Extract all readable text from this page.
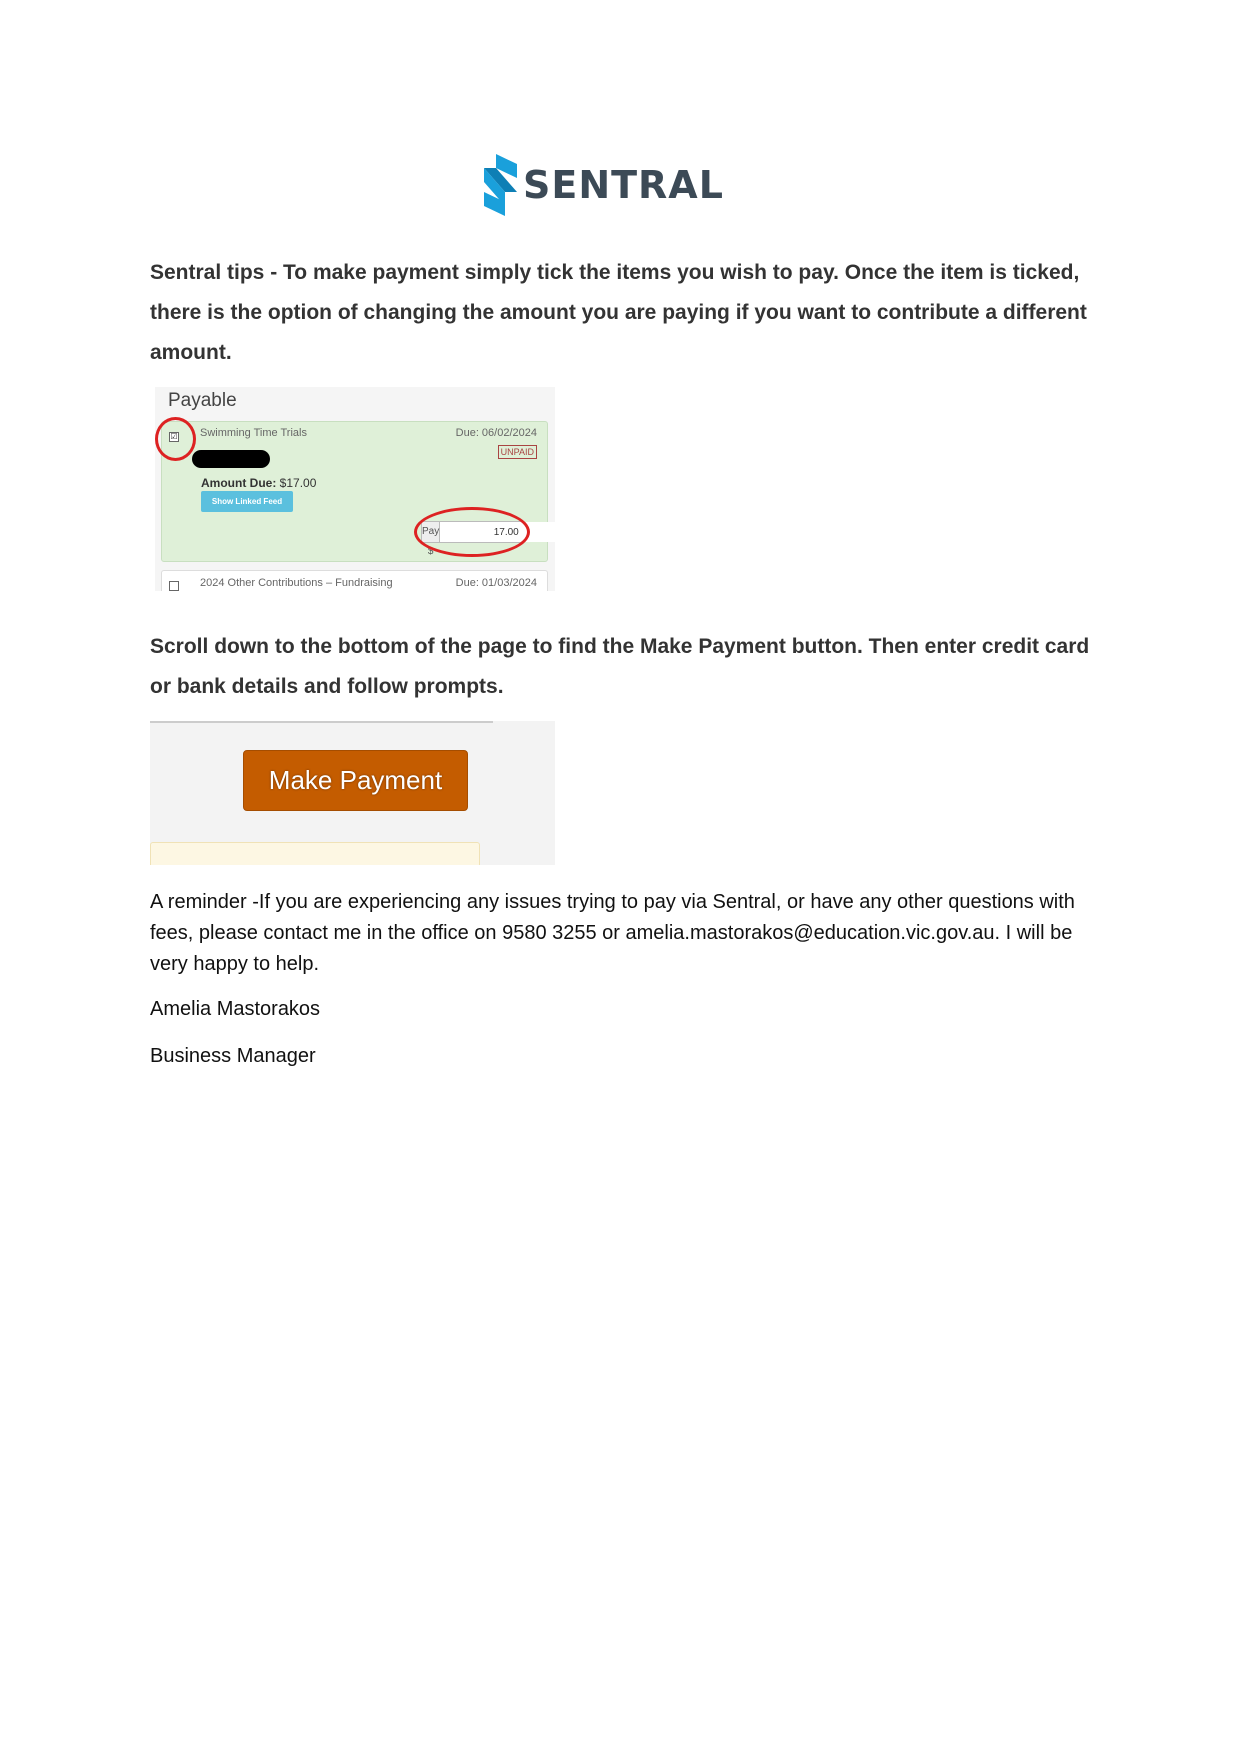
SENTRAL

Sentral tips - To make payment simply tick the items you wish to pay. Once the item is ticked, there is the option of changing the amount you are paying if you want to contribute a different amount.

Payable
☑ Swimming Time Trials	Due: 06/02/2024
UNPAID
Amount Due: $17.00
Show Linked Feed
Pay $
17.00
2024 Other Contributions – Fundraising	Due: 01/03/2024

Scroll down to the bottom of the page to find the Make Payment button. Then enter credit card or bank details and follow prompts.

Make Payment

A reminder -If you are experiencing any issues trying to pay via Sentral, or have any other questions with fees, please contact me in the office on 9580 3255 or amelia.mastorakos@education.vic.gov.au. I will be very happy to help.

Amelia Mastorakos

Business Manager
